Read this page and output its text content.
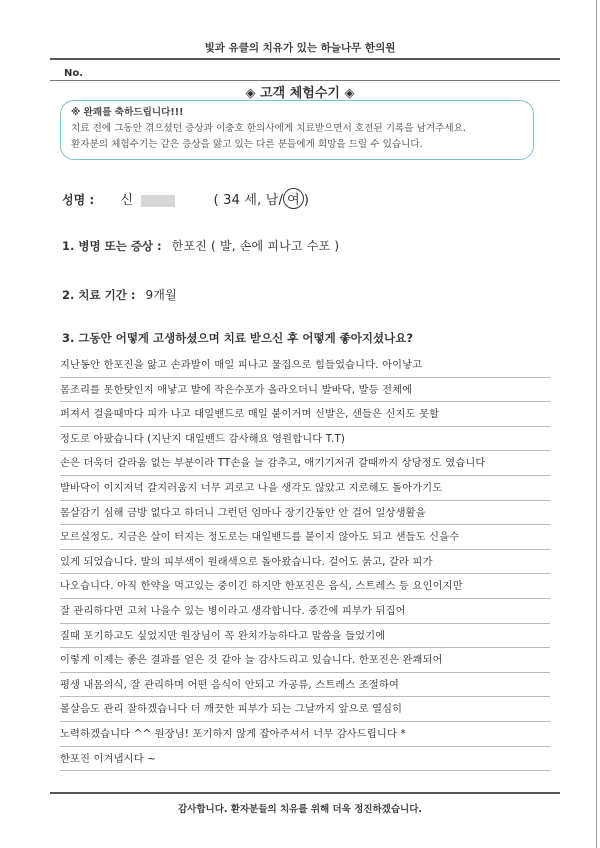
빛과 유클의 치유가 있는 하늘나무 한의원
No.
◈ 고객 체험수기 ◈
※ 완쾌를 축하드립니다!!!
치료 전에 그동안 겪으셨던 증상과 이충호 한의사에게 치료받으면서 호전된 기록을 남겨주세요.
환자분의 체험수기는 같은 증상을 앓고 있는 다른 분들에게 희망을 드릴 수 있습니다.
성명 : 신	( 34 세, 남/ 여 )
1. 병명 또는 증상 : 한포진 ( 발, 손에 피나고 수포 )
2. 치료 기간 : 9개월
3. 그동안 어떻게 고생하셨으며 치료 받으신 후 어떻게 좋아지셨나요?
지난동안 한포진을 앓고 손과발이 매일 피나고 물집으로 힘들었습니다. 아이낳고
몸조리를 못한탓인지 애낳고 발에 작은수포가 올라오더니 발바닥, 발등 전체에
퍼져서 걸을때마다 피가 나고 대일밴드로 매일 붙이거며 신발은, 샌들은 신지도 못할
정도로 아팠습니다 (지난지 대일밴드 감사해요 영원합니다 T.T)
손은 더욱더 갈라움 없는 부분이라 TT손을 늘 감추고, 애기기저귀 갈때까지 상당정도 였습니다
발바닥이 이지저녁 갈지러움지 너무 괴로고 나을 생각도 않았고 지로해도 돌아가기도
몸살감기 심해 금방 없다고 하더니 그런던 엄마나 장기간동안 안 걸어 일상생활을
모르실정도. 지금은 살이 터지는 정도로는 대일밴드를 붙이지 않아도 되고 샌들도 신을수
있게 되었습니다. 발의 피부색이 원래색으로 돌아왔습니다. 걸어도 붉고, 갈라 피가
나오습니다. 아직 한약을 먹고있는 중이긴 하지만 한포진은 음식, 스트레스 등 요인이지만
잘 관리하다면 고쳐 나을수 있는 병이라고 생각합니다. 중간에 피부가 뒤집어
질때 포기하고도 싶었지만 원장님이 꼭 완치가능하다고 말씀을 들었기에
이렇게 이제는 좋은 결과를 얻은 것 같아 늘 감사드리고 있습니다. 한포진은 완쾌되어
평생 내몸의식, 잘 관리하며 어떤 음식이 안되고 가공류, 스트레스 조절하여
볼살음도 관리 잘하겠습니다 더 깨끗한 피부가 되는 그날까지 앞으로 열심히
노력하겠습니다 ^^ 원장님! 포기하지 않게 잡아주셔서 너무 감사드립니다 *
한포진 이겨냅시다 ~
감사합니다. 환자분들의 치유를 위해 더욱 정진하겠습니다.
